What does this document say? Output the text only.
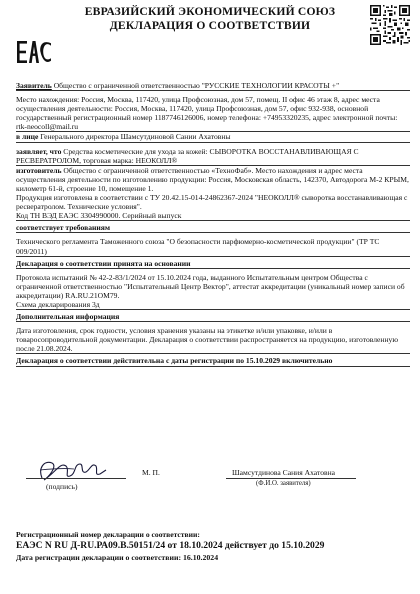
ЕВРАЗИЙСКИЙ ЭКОНОМИЧЕСКИЙ СОЮЗ
ДЕКЛАРАЦИЯ О СООТВЕТСТВИИ
Заявитель Общество с ограниченной ответственностью "РУССКИЕ ТЕХНОЛОГИИ КРАСОТЫ +"
Место нахождения: Россия, Москва, 117420, улица Профсоюзная, дом 57, помещ. II офис 46 этаж 8, адрес места осуществления деятельности: Россия, Москва, 117420, улица Профсоюзная, дом 57, офис 932-938, основной государственный регистрационный номер 1187746126006, номер телефона: +74953320235, адрес электронной почты: rtk-neocoll@mail.ru
в лице Генерального директора Шамсутдиновой Сании Ахатовны
заявляет, что Средства косметические для ухода за кожей: СЫВОРОТКА ВОССТАНАВЛИВАЮЩАЯ С РЕСВЕРАТРОЛОМ, торговая марка: НЕОКОЛЛ®
изготовитель Общество с ограниченной ответственностью «ТехноФаб». Место нахождения и адрес места осуществления деятельности по изготовлению продукции: Россия, Московская область, 142370, Автодорога М-2 КРЫМ, километр 61-й, строение 10, помещение 1.
Продукция изготовлена в соответствии с ТУ 20.42.15-014-24862367-2024 "НЕОКОЛЛ® сыворотка восстанавливающая с ресвератролом. Технические условия".
Код ТН ВЭД ЕАЭС 3304990000. Серийный выпуск
соответствует требованиям
Технического регламента Таможенного союза "О безопасности парфюмерно-косметической продукции" (ТР ТС 009/2011)
Декларация о соответствии принята на основании
Протокола испытаний № 42-2-83/1/2024 от 15.10.2024 года, выданного Испытательным центром Общества с ограниченной ответственностью "Испытательный Центр Вектор", аттестат аккредитации (уникальный номер записи об аккредитации) RA.RU.21OM79.
Схема декларирования 3д
Дополнительная информация
Дата изготовления, срок годности, условия хранения указаны на этикетке и/или упаковке, и/или в товаросопроводительной документации. Декларация о соответствии распространяется на продукцию, изготовленную после 21.08.2024.
Декларация о соответствии действительна с даты регистрации по 15.10.2029 включительно
(подпись)
М. П.	Шамсутдинова Сания Ахатовна
(Ф.И.О. заявителя)
Регистрационный номер декларации о соответствии:
ЕАЭС N RU Д-RU.РА09.В.50151/24 от 18.10.2024 действует до 15.10.2029
Дата регистрации декларации о соответствии: 16.10.2024
